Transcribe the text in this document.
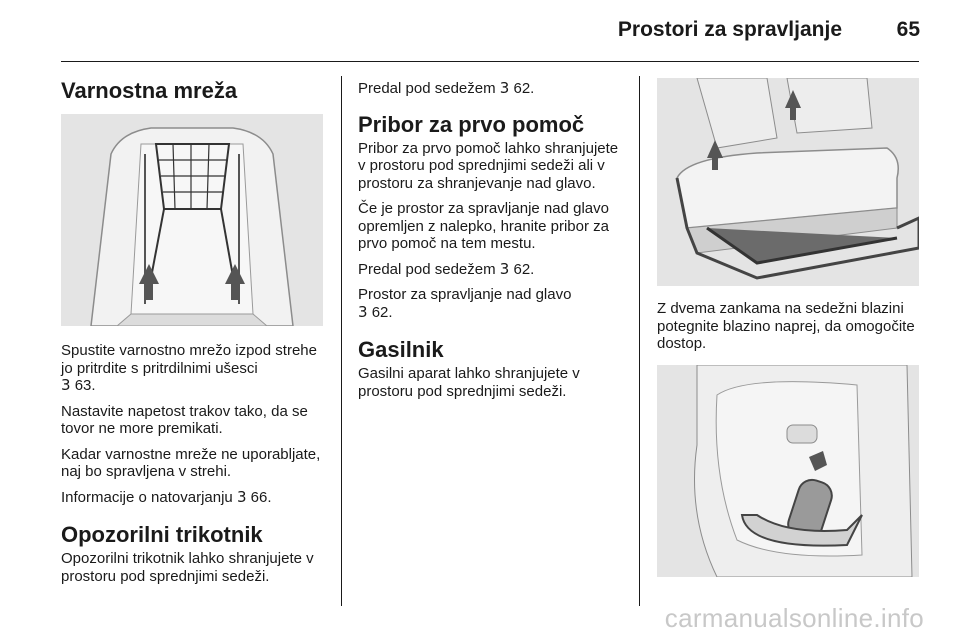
Prostori za spravljanje	65
Varnostna mreža

Spustite varnostno mrežo izpod strehe jo pritrdite s pritrdilnimi ušesci
3 63.

Nastavite napetost trakov tako, da se tovor ne more premikati.

Kadar varnostne mreže ne uporabljate, naj bo spravljena v strehi.

Informacije o natovarjanju 3 66.

Opozorilni trikotnik

Opozorilni trikotnik lahko shranjujete v prostoru pod sprednjimi sedeži.

Predal pod sedežem 3 62.

Pribor za prvo pomoč

Pribor za prvo pomoč lahko shranjujete v prostoru pod sprednjimi sedeži ali v prostoru za shranjevanje nad glavo.

Če je prostor za spravljanje nad glavo opremljen z nalepko, hranite pribor za prvo pomoč na tem mestu.

Predal pod sedežem 3 62.

Prostor za spravljanje nad glavo
3 62.

Gasilnik

Gasilni aparat lahko shranjujete v prostoru pod sprednjimi sedeži.

Z dvema zankama na sedežni blazini potegnite blazino naprej, da omogočite dostop.

carmanualsonline.info
